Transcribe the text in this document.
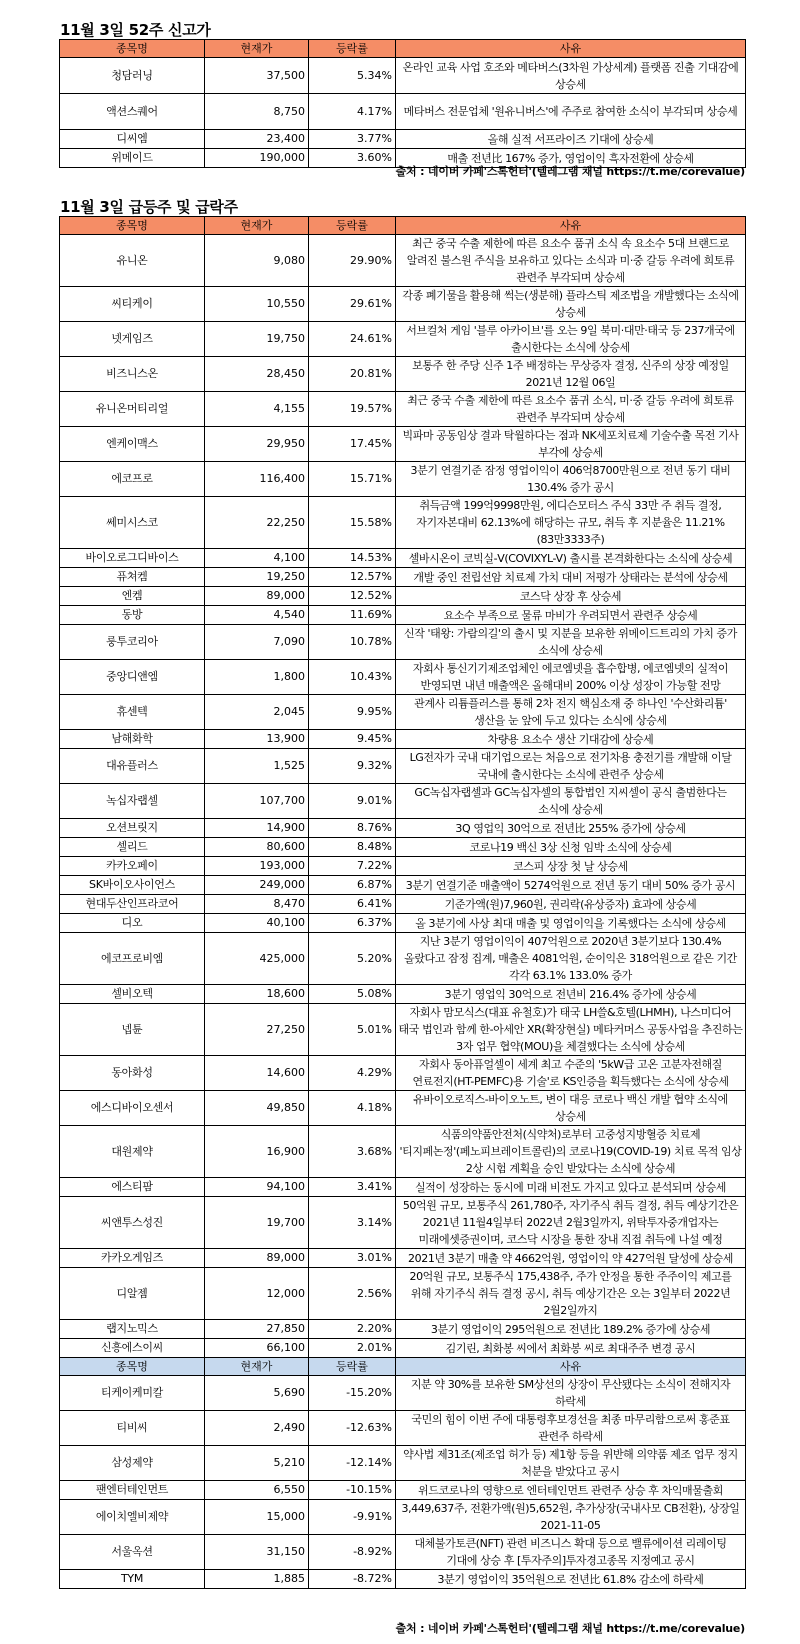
11월 3일 52주 신고가
종목명	현재가	등락률	사유
청담러닝	37,500	5.34%	온라인 교육 사업 호조와 메타버스(3차원 가상세계) 플랫폼 진출 기대감에 상승세
액션스퀘어	8,750	4.17%	메타버스 전문업체 '원유니버스'에 주주로 참여한 소식이 부각되며 상승세
디씨엠	23,400	3.77%	올해 실적 서프라이즈 기대에 상승세
위메이드	190,000	3.60%	매출 전년比 167% 증가, 영업이익 흑자전환에 상승세
출처 : 네이버 카페'스톡헌터'(텔레그램 채널 https://t.me/corevalue)
11월 3일 급등주 및 급락주
종목명	현재가	등락률	사유
유니온	9,080	29.90%	최근 중국 수출 제한에 따른 요소수 품귀 소식 속 요소수 5대 브랜드로 알려진 불스원 주식을 보유하고 있다는 소식과 미·중 갈등 우려에 희토류 관련주 부각되며 상승세
씨티케이	10,550	29.61%	각종 폐기물을 활용해 썩는(생분해) 플라스틱 제조법을 개발했다는 소식에 상승세
넷게임즈	19,750	24.61%	서브컬처 게임 '블루 아카이브'를 오는 9일 북미·대만·태국 등 237개국에 출시한다는 소식에 상승세
비즈니스온	28,450	20.81%	보통주 한 주당 신주 1주 배정하는 무상증자 결정, 신주의 상장 예정일 2021년 12월 06일
유니온머티리얼	4,155	19.57%	최근 중국 수출 제한에 따른 요소수 품귀 소식, 미·중 갈등 우려에 희토류 관련주 부각되며 상승세
엔케이맥스	29,950	17.45%	빅파마 공동임상 결과 탁월하다는 점과 NK세포치료제 기술수출 목전 기사 부각에 상승세
에코프로	116,400	15.71%	3분기 연결기준 잠정 영업이익이 406억8700만원으로 전년 동기 대비 130.4% 증가 공시
쎄미시스코	22,250	15.58%	취득금액 199억9998만원, 에디슨모터스 주식 33만 주 취득 결정, 자기자본대비 62.13%에 해당하는 규모, 취득 후 지분율은 11.21%(83만3333주)
바이오로그디바이스	4,100	14.53%	셀바시온이 코빅실-V(COVIXYL-V) 출시를 본격화한다는 소식에 상승세
퓨쳐켐	19,250	12.57%	개발 중인 전립선암 치료제 가치 대비 저평가 상태라는 분석에 상승세
엔켐	89,000	12.52%	코스닥 상장 후 상승세
동방	4,540	11.69%	요소수 부족으로 물류 마비가 우려되면서 관련주 상승세
룽투코리아	7,090	10.78%	신작 '태왕: 가람의길'의 출시 및 지분을 보유한 위메이드트리의 가치 증가 소식에 상승세
중앙디앤엠	1,800	10.43%	자회사 통신기기제조업체인 에코엠넷을 흡수합병, 에코엠넷의 실적이 반영되면 내년 매출액은 올해대비 200% 이상 성장이 가능할 전망
휴센텍	2,045	9.95%	관계사 리튬플러스를 통해 2차 전지 핵심소재 중 하나인 '수산화리튬' 생산을 눈 앞에 두고 있다는 소식에 상승세
남해화학	13,900	9.45%	차량용 요소수 생산 기대감에 상승세
대유플러스	1,525	9.32%	LG전자가 국내 대기업으로는 처음으로 전기차용 충전기를 개발해 이달 국내에 출시한다는 소식에 관련주 상승세
녹십자랩셀	107,700	9.01%	GC녹십자랩셀과 GC녹십자셀의 통합법인 지씨셀이 공식 출범한다는 소식에 상승세
오션브릿지	14,900	8.76%	3Q 영업익 30억으로 전년比 255% 증가에 상승세
셀리드	80,600	8.48%	코로나19 백신 3상 신청 임박 소식에 상승세
카카오페이	193,000	7.22%	코스피 상장 첫 날 상승세
SK바이오사이언스	249,000	6.87%	3분기 연결기준 매출액이 5274억원으로 전년 동기 대비 50% 증가 공시
현대두산인프라코어	8,470	6.41%	기준가액(원)7,960원, 권리락(유상증자) 효과에 상승세
디오	40,100	6.37%	올 3분기에 사상 최대 매출 및 영업이익을 기록했다는 소식에 상승세
에코프로비엠	425,000	5.20%	지난 3분기 영업이익이 407억원으로 2020년 3분기보다 130.4% 올랐다고 잠정 집계, 매출은 4081억원, 순이익은 318억원으로 같은 기간 각각 63.1% 133.0% 증가
셀비오텍	18,600	5.08%	3분기 영업익 30억으로 전년비 216.4% 증가에 상승세
넵튠	27,250	5.01%	자회사 맘모식스(대표 유철호)가 태국 LH쓸&호텔(LHMH), 나스미디어 태국 법인과 함께 한-아세안 XR(확장현실) 메타커머스 공동사업을 추진하는 3자 업무 협약(MOU)을 체결했다는 소식에 상승세
동아화성	14,600	4.29%	자회사 동아퓨얼셀이 세계 최고 수준의 '5kW급 고온 고분자전해질 연료전지(HT-PEMFC)용 기술'로 KS인증을 획득했다는 소식에 상승세
에스디바이오센서	49,850	4.18%	유바이오로직스-바이오노트, 변이 대응 코로나 백신 개발 협약 소식에 상승세
대원제약	16,900	3.68%	식품의약품안전처(식약처)로부터 고중성지방혈증 치료제 '티지페논정'(페노피브레이트콜린)의 코로나19(COVID-19) 치료 목적 임상 2상 시험 계획을 승인 받았다는 소식에 상승세
에스티팜	94,100	3.41%	실적이 성장하는 동시에 미래 비전도 가지고 있다고 분석되며 상승세
씨앤투스성진	19,700	3.14%	50억원 규모, 보통주식 261,780주, 자기주식 취득 결정, 취득 예상기간은 2021년 11월4일부터 2022년 2월3일까지, 위탁투자중개업자는 미래에셋증권이며, 코스닥 시장을 통한 장내 직접 취득에 나설 예정
카카오게임즈	89,000	3.01%	2021년 3분기 매출 약 4662억원, 영업이익 약 427억원 달성에 상승세
디알젬	12,000	2.56%	20억원 규모, 보통주식 175,438주, 주가 안정을 통한 주주이익 제고를 위해 자기주식 취득 결정 공시, 취득 예상기간은 오는 3일부터 2022년 2월2일까지
랩지노믹스	27,850	2.20%	3분기 영업이익 295억원으로 전년比 189.2% 증가에 상승세
신흥에스이씨	66,100	2.01%	김기린, 최화봉 씨에서 최화봉 씨로 최대주주 변경 공시
종목명	현재가	등락률	사유
티케이케미칼	5,690	-15.20%	지분 약 30%를 보유한 SM상선의 상장이 무산됐다는 소식이 전해지자 하락세
티비씨	2,490	-12.63%	국민의 힘이 이번 주에 대통령후보경선을 최종 마무리함으로써 홍준표 관련주 하락세
삼성제약	5,210	-12.14%	약사법 제31조(제조업 허가 등) 제1항 등을 위반해 의약품 제조 업무 정지 처분을 받았다고 공시
팬엔터테인먼트	6,550	-10.15%	위드코로나의 영향으로 엔터테인먼트 관련주 상승 후 차익매물출회
에이치엘비제약	15,000	-9.91%	3,449,637주, 전환가액(원)5,652원, 추가상장(국내사모 CB전환), 상장일 2021-11-05
서울옥션	31,150	-8.92%	대체불가토큰(NFT) 관련 비즈니스 확대 등으로 밸류에이션 리레이팅 기대에 상승 후 [투자주의]투자경고종목 지정예고 공시
TYM	1,885	-8.72%	3분기 영업이익 35억원으로 전년比 61.8% 감소에 하락세
출처 : 네이버 카페'스톡헌터'(텔레그램 채널 https://t.me/corevalue)
